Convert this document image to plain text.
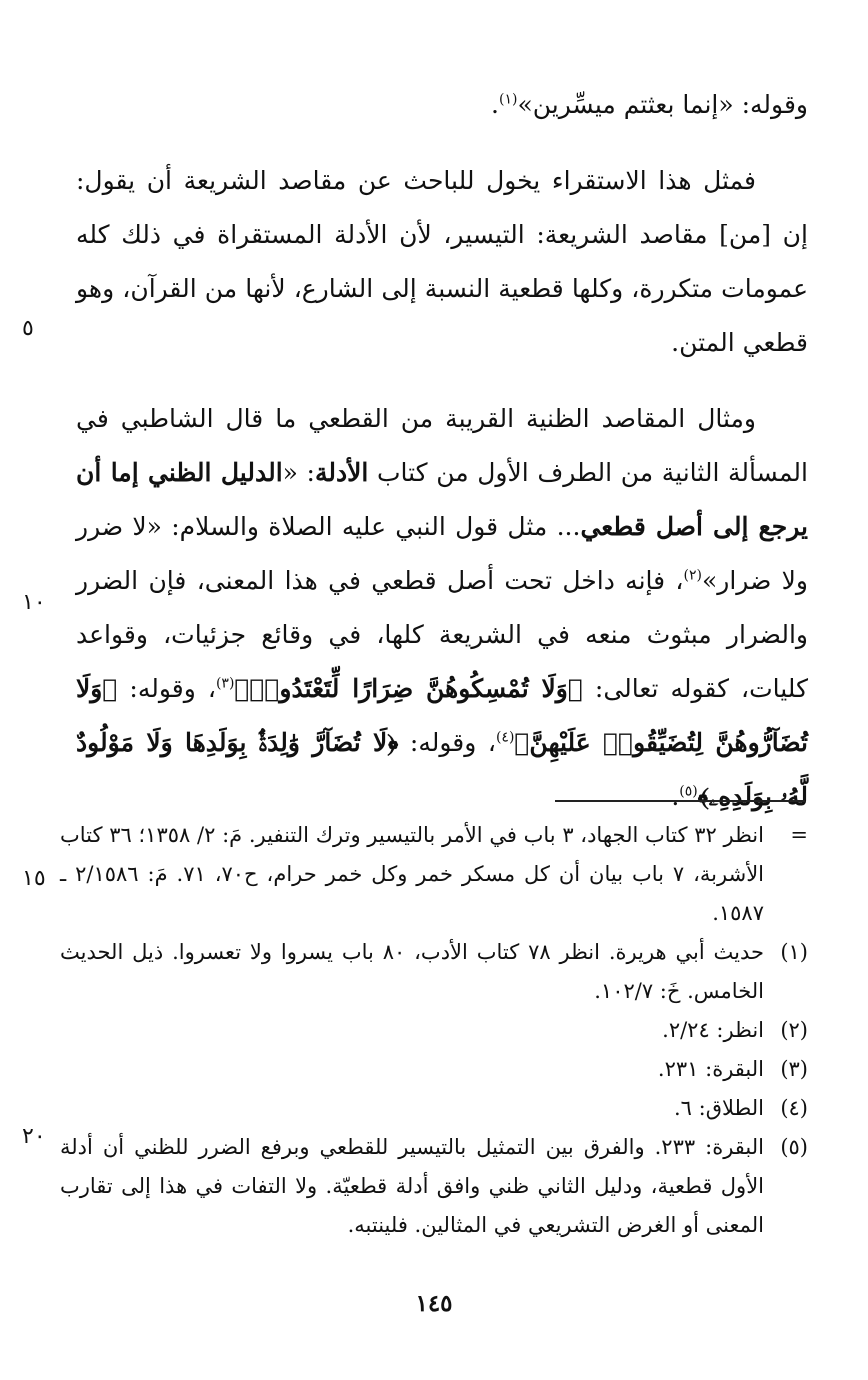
وقوله: «إنما بعثتم ميسِّرين»$^{(١)}$.

فمثل هذا الاستقراء يخول للباحث عن مقاصد الشريعة أن يقول: إن [من] مقاصد الشريعة: التيسير، لأن الأدلة المستقراة في ذلك كله عمومات متكررة، وكلها قطعية النسبة إلى الشارع، لأنها من القرآن، وهو قطعي المتن.

ومثال المقاصد الظنية القريبة من القطعي ما قال الشاطبي في المسألة الثانية من الطرف الأول من كتاب الأدلة: «الدليل الظني إما أن يرجع إلى أصل قطعي... مثل قول النبي عليه الصلاة والسلام: «لا ضرر ولا ضرار»$^{(٢)}$، فإنه داخل تحت أصل قطعي في هذا المعنى، فإن الضرر والضرار مبثوث منعه في الشريعة كلها، في وقائع جزئيات، وقواعد كليات، كقوله تعالى: ﴿وَلَا تُمْسِكُوهُنَّ ضِرَارًا لِّتَعْتَدُوا۟﴾$^{(٣)}$، وقوله: ﴿وَلَا تُضَآرُّوهُنَّ لِتُضَيِّقُوا۟ عَلَيْهِنَّ﴾$^{(٤)}$، وقوله: ﴿لَا تُضَآرَّ وَٰلِدَةٌۢ بِوَلَدِهَا وَلَا مَوْلُودٌ لَّهُۥ بِوَلَدِهِۦ﴾$^{(٥)}$.

٥
١٠
١٥
٢٠
=
انظر ٣٢ كتاب الجهاد، ٣ باب في الأمر بالتيسير وترك التنفير. مَ: ٢/ ١٣٥٨؛ ٣٦ كتاب الأشربة، ٧ باب بيان أن كل مسكر خمر وكل خمر حرام، ح٧٠، ٧١. مَ: ٢/١٥٨٦ ـ ١٥٨٧.
(١)
حديث أبي هريرة. انظر ٧٨ كتاب الأدب، ٨٠ باب يسروا ولا تعسروا. ذيل الحديث الخامس. خَ: ١٠٢/٧.
(٢)
انظر: ٢/٢٤.
(٣)
البقرة: ٢٣١.
(٤)
الطلاق: ٦.
(٥)
البقرة: ٢٣٣. والفرق بين التمثيل بالتيسير للقطعي وبرفع الضرر للظني أن أدلة الأول قطعية، ودليل الثاني ظني وافق أدلة قطعيّة. ولا التفات في هذا إلى تقارب المعنى أو الغرض التشريعي في المثالين. فلينتبه.
١٤٥
